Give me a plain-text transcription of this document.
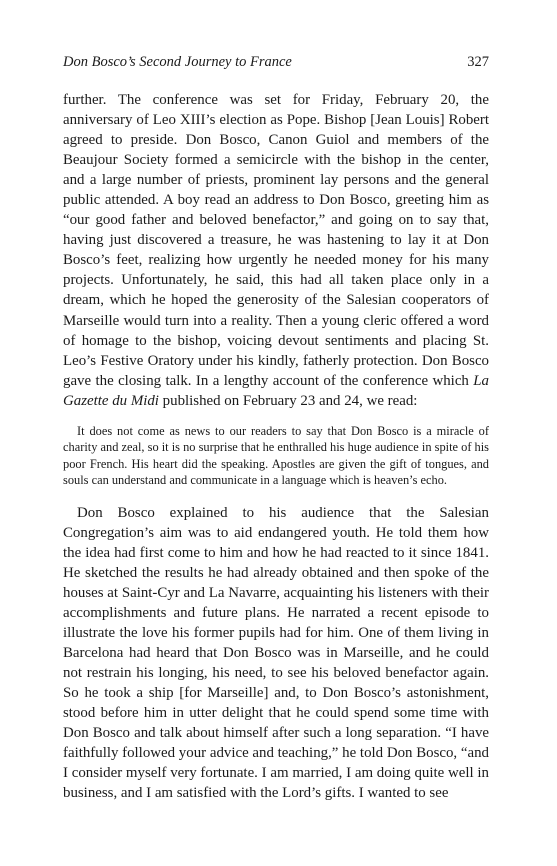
Don Bosco’s Second Journey to France	327

further. The conference was set for Friday, February 20, the anniversary of Leo XIII’s election as Pope. Bishop [Jean Louis] Robert agreed to preside. Don Bosco, Canon Guiol and members of the Beaujour Society formed a semicircle with the bishop in the center, and a large number of priests, prominent lay persons and the general public attended. A boy read an address to Don Bosco, greeting him as “our good father and beloved benefactor,” and going on to say that, having just discovered a treasure, he was hastening to lay it at Don Bosco’s feet, realizing how urgently he needed money for his many projects. Unfortunately, he said, this had all taken place only in a dream, which he hoped the generosity of the Salesian cooperators of Marseille would turn into a reality. Then a young cleric offered a word of homage to the bishop, voicing devout sentiments and placing St. Leo’s Festive Oratory under his kindly, fatherly protection. Don Bosco gave the closing talk. In a lengthy account of the conference which La Gazette du Midi published on February 23 and 24, we read:

It does not come as news to our readers to say that Don Bosco is a miracle of charity and zeal, so it is no surprise that he enthralled his huge audience in spite of his poor French. His heart did the speaking. Apostles are given the gift of tongues, and souls can understand and communicate in a language which is heaven’s echo.

Don Bosco explained to his audience that the Salesian Congregation’s aim was to aid endangered youth. He told them how the idea had first come to him and how he had reacted to it since 1841. He sketched the results he had already obtained and then spoke of the houses at Saint-Cyr and La Navarre, acquainting his listeners with their accomplishments and future plans. He narrated a recent episode to illustrate the love his former pupils had for him. One of them living in Barcelona had heard that Don Bosco was in Marseille, and he could not restrain his longing, his need, to see his beloved benefactor again. So he took a ship [for Marseille] and, to Don Bosco’s astonishment, stood before him in utter delight that he could spend some time with Don Bosco and talk about himself after such a long separation. “I have faithfully followed your advice and teaching,” he told Don Bosco, “and I consider myself very fortunate. I am married, I am doing quite well in business, and I am satisfied with the Lord’s gifts. I wanted to see
